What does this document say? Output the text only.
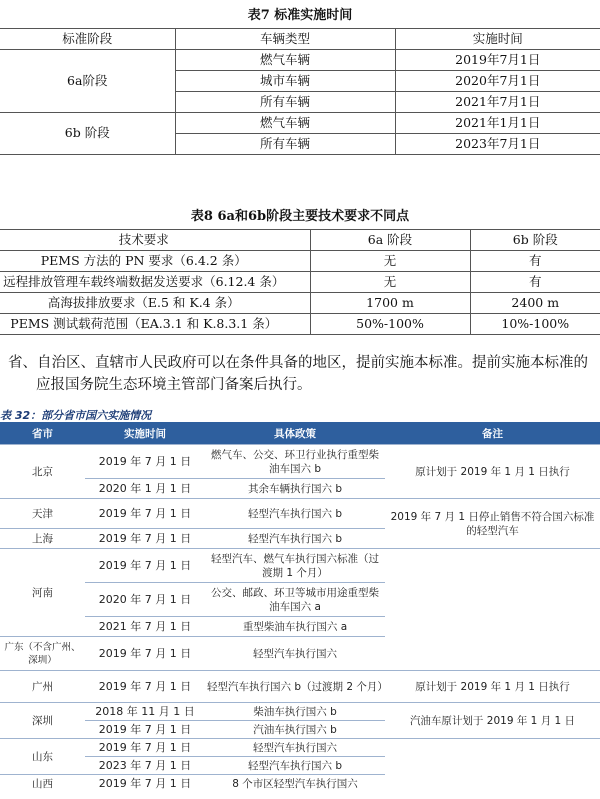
表7 标准实施时间
标准阶段	车辆类型	实施时间
6a阶段	燃气车辆	2019年7月1日
	城市车辆	2020年7月1日
	所有车辆	2021年7月1日
6b 阶段	燃气车辆	2021年1月1日
	所有车辆	2023年7月1日
表8 6a和6b阶段主要技术要求不同点
技术要求	6a 阶段	6b 阶段
PEMS 方法的 PN 要求（6.4.2 条）	无	有
远程排放管理车载终端数据发送要求（6.12.4 条）	无	有
高海拔排放要求（E.5 和 K.4 条）	1700 m	2400 m
PEMS 测试载荷范围（EA.3.1 和 K.8.3.1 条）	50%-100%	10%-100%
省、自治区、直辖市人民政府可以在条件具备的地区，提前实施本标准。提前实施本标准的
应报国务院生态环境主管部门备案后执行。
表 32：部分省市国六实施情况
省市	实施时间	具体政策	备注
北京	2019 年 7 月 1 日	燃气车、公交、环卫行业执行重型柴油车国六 b	原计划于 2019 年 1 月 1 日执行
	2020 年 1 月 1 日	其余车辆执行国六 b	
天津	2019 年 7 月 1 日	轻型汽车执行国六 b	2019 年 7 月 1 日停止销售不符合国六标准的轻型汽车
上海	2019 年 7 月 1 日	轻型汽车执行国六 b	
河南	2019 年 7 月 1 日	轻型汽车、燃气车执行国六标准（过渡期 1 个月）	
	2020 年 7 月 1 日	公交、邮政、环卫等城市用途重型柴油车国六 a	
	2021 年 7 月 1 日	重型柴油车执行国六 a	
广东（不含广州、深圳）	2019 年 7 月 1 日	轻型汽车执行国六	
广州	2019 年 7 月 1 日	轻型汽车执行国六 b（过渡期 2 个月）	原计划于 2019 年 1 月 1 日执行
深圳	2018 年 11 月 1 日	柴油车执行国六 b	汽油车原计划于 2019 年 1 月 1 日
	2019 年 7 月 1 日	汽油车执行国六 b	
山东	2019 年 7 月 1 日	轻型汽车执行国六	
	2023 年 7 月 1 日	轻型汽车执行国六 b	
山西	2019 年 7 月 1 日	8 个市区轻型汽车执行国六	
